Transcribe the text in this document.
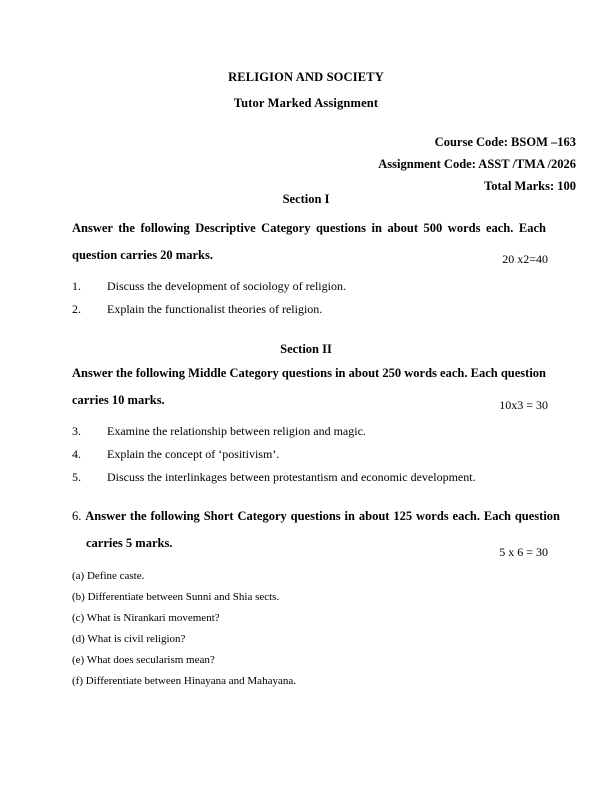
RELIGION AND SOCIETY
Tutor Marked Assignment
Course Code: BSOM –163
Assignment Code: ASST /TMA /2026
Total Marks: 100
Section I
Answer the following Descriptive Category questions in about 500 words each. Each question carries 20 marks.	20 x2=40
1. Discuss the development of sociology of religion.
2. Explain the functionalist theories of religion.
Section II
Answer the following Middle Category questions in about 250 words each. Each question carries 10 marks.	10x3 = 30
3. Examine the relationship between religion and magic.
4. Explain the concept of ‘positivism’.
5. Discuss the interlinkages between protestantism and economic development.
6. Answer the following Short Category questions in about 125 words each. Each question carries 5 marks.
5 x 6 = 30
(a) Define caste.
(b) Differentiate between Sunni and Shia sects.
(c) What is Nirankari movement?
(d) What is civil religion?
(e) What does secularism mean?
(f) Differentiate between Hinayana and Mahayana.
